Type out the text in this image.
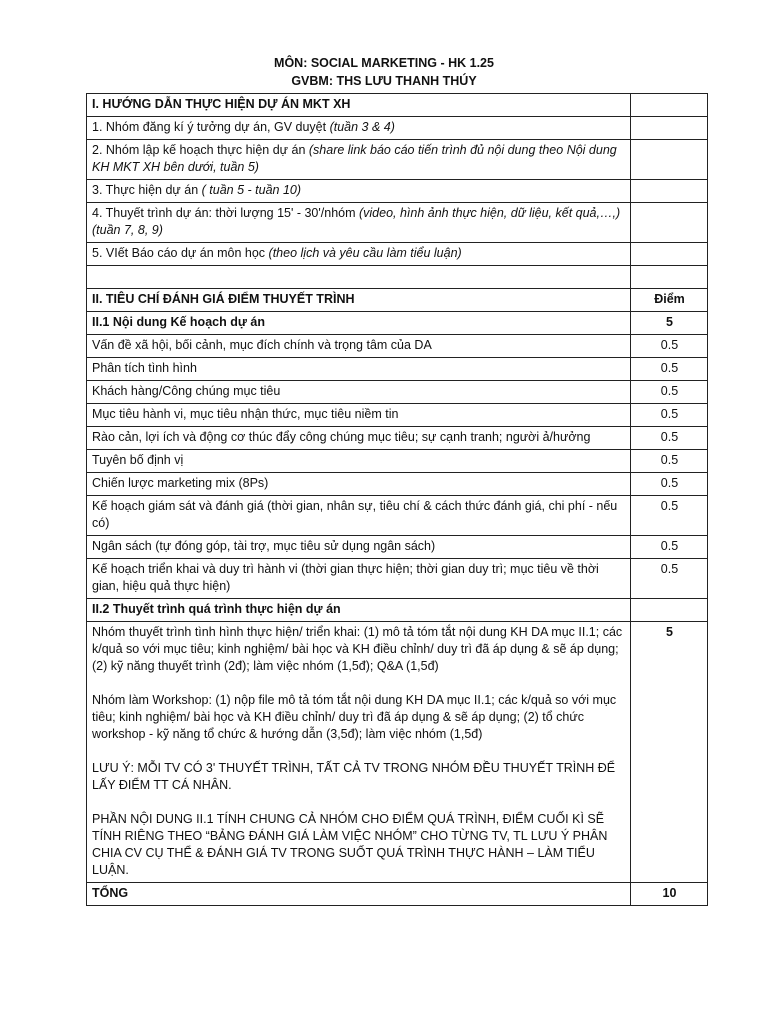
MÔN: SOCIAL MARKETING - HK 1.25
GVBM: THS LƯU THANH THÚY
I. HƯỚNG DẪN THỰC HIỆN DỰ ÁN MKT XH	
1. Nhóm đăng kí ý tưởng dự án, GV duyệt (tuần 3 & 4)	
2. Nhóm lập kế hoạch thực hiện dự án (share link báo cáo tiến trình đủ nội dung theo Nội dung KH MKT XH bên dưới, tuần 5)	
3. Thực hiện dự án ( tuần 5 - tuần 10)	
4. Thuyết trình dự án: thời lượng 15' - 30'/nhóm (video, hình ảnh thực hiện, dữ liệu, kết quả,…,) (tuần 7, 8, 9)	
5. VIết Báo cáo dự án môn học (theo lịch và yêu cầu làm tiểu luận)	

II. TIÊU CHÍ ĐÁNH GIÁ ĐIỂM THUYẾT TRÌNH	Điểm
II.1 Nội dung Kế hoạch dự án	5
Vấn đề xã hội, bối cảnh, mục đích chính và trọng tâm của DA	0.5
Phân tích tình hình	0.5
Khách hàng/Công chúng mục tiêu	0.5
Mục tiêu hành vi, mục tiêu nhận thức, mục tiêu niềm tin	0.5
Rào cản, lợi ích và động cơ thúc đẩy công chúng mục tiêu; sự cạnh tranh; người ả/hưởng	0.5
Tuyên bố định vị	0.5
Chiến lược marketing mix (8Ps)	0.5
Kế hoạch giám sát và đánh giá (thời gian, nhân sự, tiêu chí & cách thức đánh giá, chi phí - nếu có)	0.5
Ngân sách (tự đóng góp, tài trợ, mục tiêu sử dụng ngân sách)	0.5
Kế hoạch triển khai và duy trì hành vi (thời gian thực hiện; thời gian duy trì; mục tiêu về thời gian, hiệu quả thực hiện)	0.5
II.2 Thuyết trình quá trình thực hiện dự án	

Nhóm thuyết trình tình hình thực hiện/ triển khai: (1) mô tả tóm tắt nội dung KH DA mục II.1; các k/quả so với mục tiêu; kinh nghiệm/ bài học và KH điều chỉnh/ duy trì đã áp dụng & sẽ áp dụng; (2) kỹ năng thuyết trình (2đ); làm việc nhóm (1,5đ); Q&A (1,5đ)
Nhóm làm Workshop: (1) nộp file mô tả tóm tắt nội dung KH DA mục II.1; các k/quả so với mục tiêu; kinh nghiệm/ bài học và KH điều chỉnh/ duy trì đã áp dụng & sẽ áp dụng; (2) tổ chức workshop - kỹ năng tổ chức & hướng dẫn (3,5đ); làm việc nhóm (1,5đ)
LƯU Ý: MỖI TV CÓ 3' THUYẾT TRÌNH, TẤT CẢ TV TRONG NHÓM ĐỀU THUYẾT TRÌNH ĐỂ LẤY ĐIỂM TT CÁ NHÂN.
PHẦN NỘI DUNG II.1 TÍNH CHUNG CẢ NHÓM CHO ĐIỂM QUÁ TRÌNH, ĐIỂM CUỐI KÌ SẼ TÍNH RIÊNG THEO “BẢNG ĐÁNH GIÁ LÀM VIỆC NHÓM” CHO TỪNG TV, TL LƯU Ý PHÂN CHIA CV CỤ THỂ & ĐÁNH GIÁ TV TRONG SUỐT QUÁ TRÌNH THỰC HÀNH – LÀM TIỂU LUẬN.	5
TỔNG	10
